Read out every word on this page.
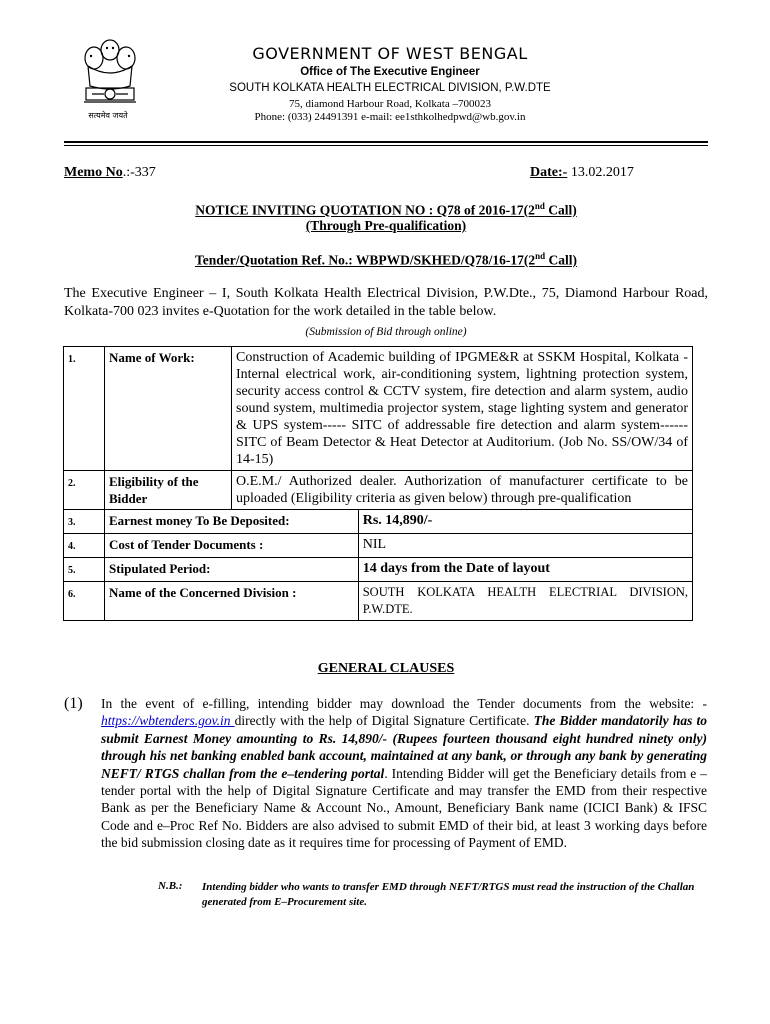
सत्यमेव जयते
GOVERNMENT OF WEST BENGAL
Office of The Executive Engineer
SOUTH KOLKATA HEALTH ELECTRICAL DIVISION, P.W.DTE
75, diamond Harbour Road, Kolkata –700023
Phone: (033) 24491391 e-mail: ee1sthkolhedpwd@wb.gov.in
Memo No.:-337	Date:- 13.02.2017
NOTICE INVITING QUOTATION NO : Q78 of 2016-17(2nd Call)
(Through Pre-qualification)
Tender/Quotation Ref. No.: WBPWD/SKHED/Q78/16-17(2nd Call)
The Executive Engineer – I, South Kolkata Health Electrical Division, P.W.Dte., 75, Diamond Harbour Road, Kolkata-700 023 invites e-Quotation for the work detailed in the table below.
(Submission of Bid through online)
1.	Name of Work:	Construction of Academic building of IPGME&R at SSKM Hospital, Kolkata - Internal electrical work, air-conditioning system, lightning protection system, security access control & CCTV system, fire detection and alarm system, audio sound system, multimedia projector system, stage lighting system and generator & UPS system----- SITC of addressable fire detection and alarm system------ SITC of Beam Detector & Heat Detector at Auditorium. (Job No. SS/OW/34 of 14-15)	
2.	Eligibility of the Bidder	O.E.M./ Authorized dealer. Authorization of manufacturer certificate to be uploaded (Eligibility criteria as given below) through pre-qualification	
3.	Earnest money To Be Deposited:		Rs. 14,890/-
4.	Cost of Tender Documents :		NIL
5.	Stipulated Period:		14 days from the Date of layout
6.	Name of the Concerned Division :		SOUTH KOLKATA HEALTH ELECTRIAL DIVISION, P.W.DTE.
GENERAL CLAUSES
(1) In the event of e-filling, intending bidder may download the Tender documents from the website: - https://wbtenders.gov.in directly with the help of Digital Signature Certificate. The Bidder mandatorily has to submit Earnest Money amounting to Rs. 14,890/- (Rupees fourteen thousand eight hundred ninety only) through his net banking enabled bank account, maintained at any bank, or through any bank by generating NEFT/ RTGS challan from the e–tendering portal. Intending Bidder will get the Beneficiary details from e – tender portal with the help of Digital Signature Certificate and may transfer the EMD from their respective Bank as per the Beneficiary Name & Account No., Amount, Beneficiary Bank name (ICICI Bank) & IFSC Code and e–Proc Ref No. Bidders are also advised to submit EMD of their bid, at least 3 working days before the bid submission closing date as it requires time for processing of Payment of EMD.
N.B.: Intending bidder who wants to transfer EMD through NEFT/RTGS must read the instruction of the Challan generated from E–Procurement site.
